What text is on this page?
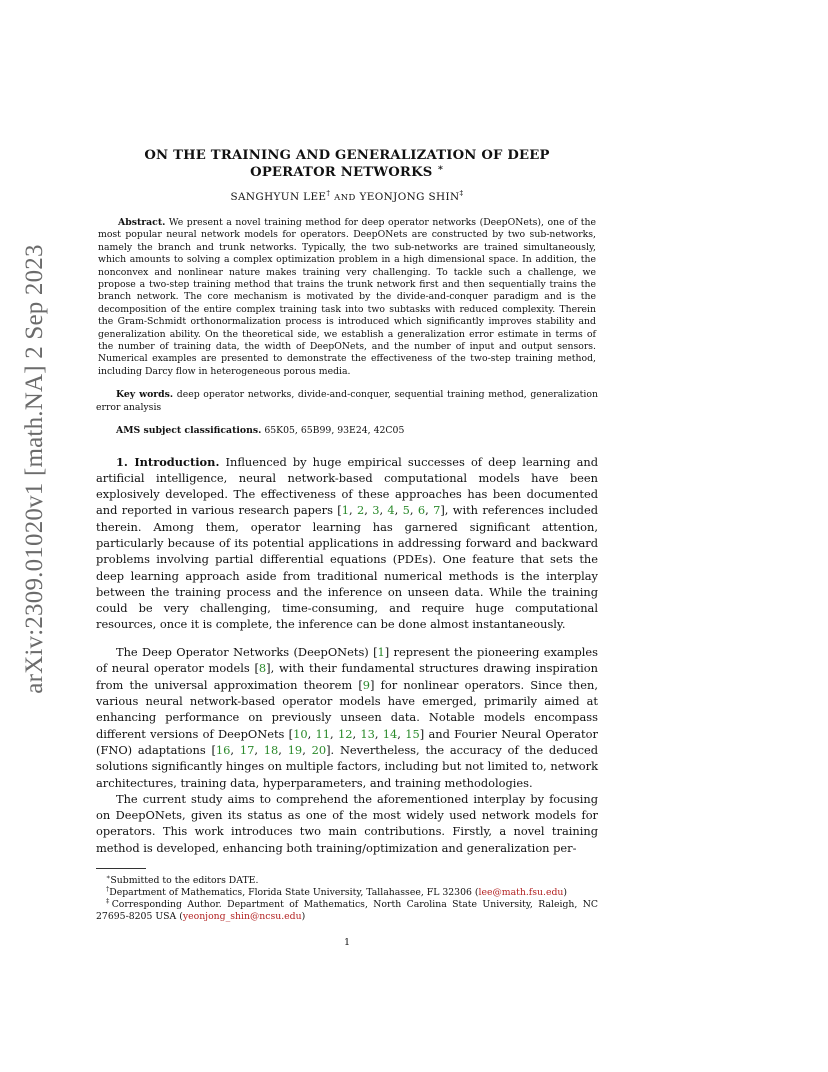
arXiv:2309.01020v1 [math.NA] 2 Sep 2023
ON THE TRAINING AND GENERALIZATION OF DEEP
OPERATOR NETWORKS ∗
SANGHYUN LEE† AND YEONJONG SHIN‡

Abstract. We present a novel training method for deep operator networks (DeepONets), one of the most popular neural network models for operators. DeepONets are constructed by two sub-networks, namely the branch and trunk networks. Typically, the two sub-networks are trained simultaneously, which amounts to solving a complex optimization problem in a high dimensional space. In addition, the nonconvex and nonlinear nature makes training very challenging. To tackle such a challenge, we propose a two-step training method that trains the trunk network first and then sequentially trains the branch network. The core mechanism is motivated by the divide-and-conquer paradigm and is the decomposition of the entire complex training task into two subtasks with reduced complexity. Therein the Gram-Schmidt orthonormalization process is introduced which significantly improves stability and generalization ability. On the theoretical side, we establish a generalization error estimate in terms of the number of training data, the width of DeepONets, and the number of input and output sensors. Numerical examples are presented to demonstrate the effectiveness of the two-step training method, including Darcy flow in heterogeneous porous media.

Key words. deep operator networks, divide-and-conquer, sequential training method, generalization error analysis

AMS subject classifications. 65K05, 65B99, 93E24, 42C05

1. Introduction. Influenced by huge empirical successes of deep learning and artificial intelligence, neural network-based computational models have been explosively developed. The effectiveness of these approaches has been documented and reported in various research papers [1, 2, 3, 4, 5, 6, 7], with references included therein. Among them, operator learning has garnered significant attention, particularly because of its potential applications in addressing forward and backward problems involving partial differential equations (PDEs). One feature that sets the deep learning approach aside from traditional numerical methods is the interplay between the training process and the inference on unseen data. While the training could be very challenging, time-consuming, and require huge computational resources, once it is complete, the inference can be done almost instantaneously.

The Deep Operator Networks (DeepONets) [1] represent the pioneering examples of neural operator models [8], with their fundamental structures drawing inspiration from the universal approximation theorem [9] for nonlinear operators. Since then, various neural network-based operator models have emerged, primarily aimed at enhancing performance on previously unseen data. Notable models encompass different versions of DeepONets [10, 11, 12, 13, 14, 15] and Fourier Neural Operator (FNO) adaptations [16, 17, 18, 19, 20]. Nevertheless, the accuracy of the deduced solutions significantly hinges on multiple factors, including but not limited to, network architectures, training data, hyperparameters, and training methodologies.

The current study aims to comprehend the aforementioned interplay by focusing on DeepONets, given its status as one of the most widely used network models for operators. This work introduces two main contributions. Firstly, a novel training method is developed, enhancing both training/optimization and generalization per-

∗Submitted to the editors DATE.

†Department of Mathematics, Florida State University, Tallahassee, FL 32306 (lee@math.fsu.edu)

‡Corresponding Author. Department of Mathematics, North Carolina State University, Raleigh, NC 27695-8205 USA (yeonjong_shin@ncsu.edu)

1
